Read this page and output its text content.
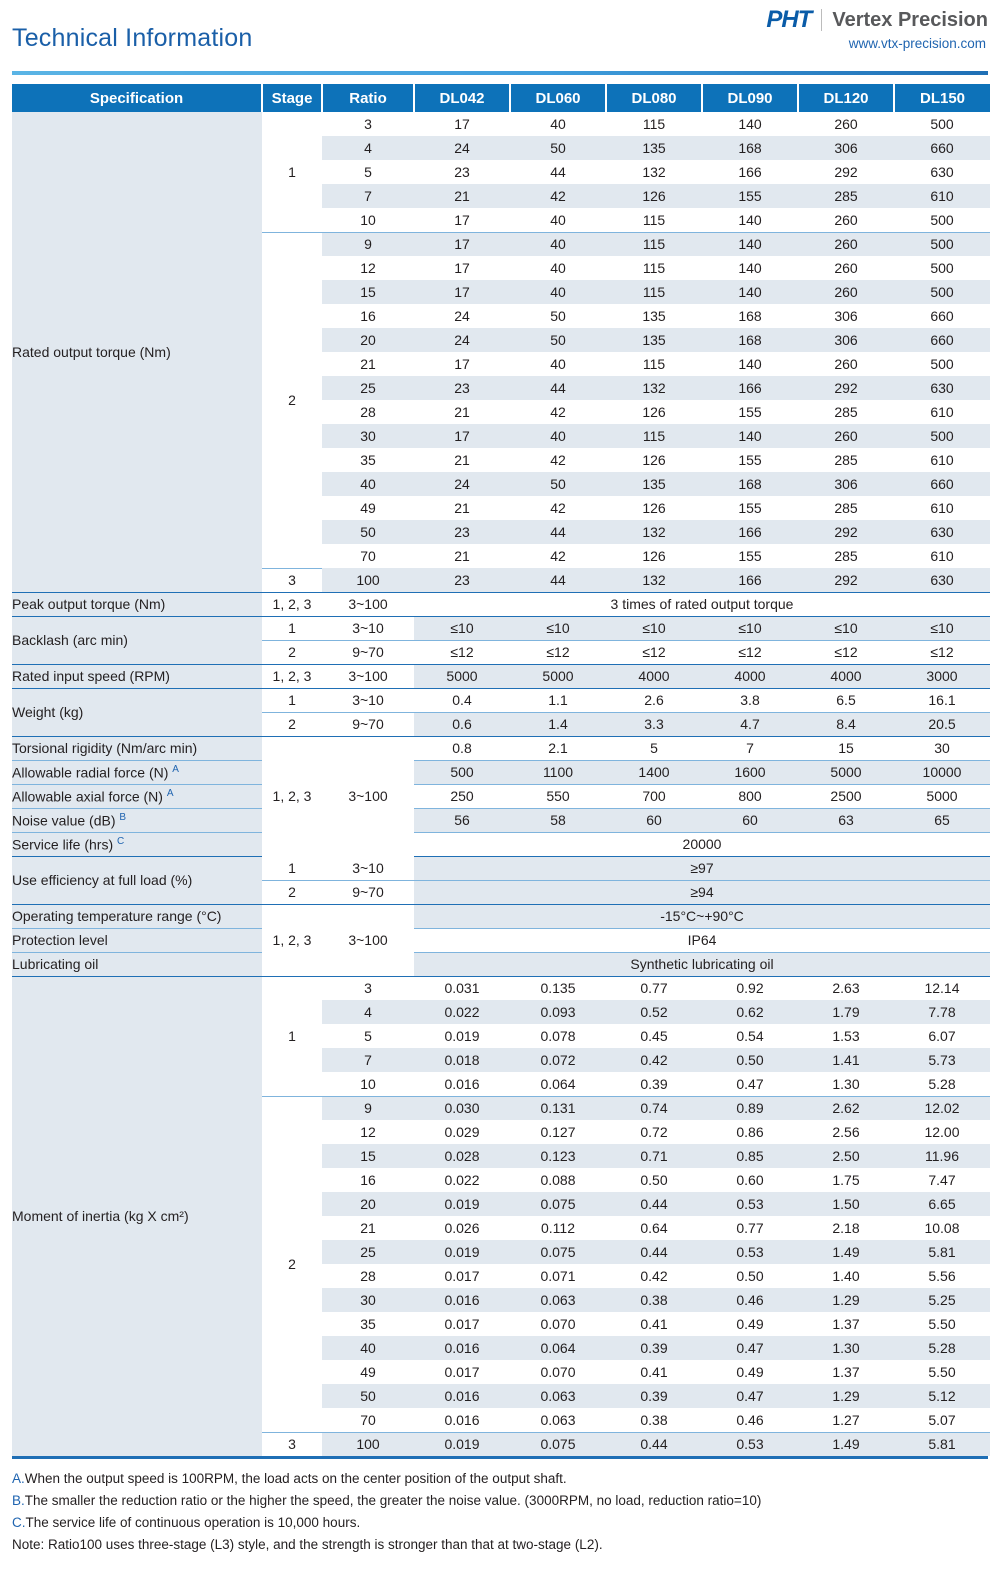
Technical Information
PHT Vertex Precision
www.vtx-precision.com
Specification	Stage	Ratio	DL042	DL060	DL080	DL090	DL120	DL150
Rated output torque (Nm)	1	3	17	40	115	140	260	500
		4	24	50	135	168	306	660
		5	23	44	132	166	292	630
		7	21	42	126	155	285	610
		10	17	40	115	140	260	500
	2	9	17	40	115	140	260	500
		12	17	40	115	140	260	500
		15	17	40	115	140	260	500
		16	24	50	135	168	306	660
		20	24	50	135	168	306	660
		21	17	40	115	140	260	500
		25	23	44	132	166	292	630
		28	21	42	126	155	285	610
		30	17	40	115	140	260	500
		35	21	42	126	155	285	610
		40	24	50	135	168	306	660
		49	21	42	126	155	285	610
		50	23	44	132	166	292	630
		70	21	42	126	155	285	610
	3	100	23	44	132	166	292	630
Peak output torque (Nm)	1, 2, 3	3~100	3 times of rated output torque					
Backlash (arc min)	1	3~10	≤10	≤10	≤10	≤10	≤10	≤10
	2	9~70	≤12	≤12	≤12	≤12	≤12	≤12
Rated input speed (RPM)	1, 2, 3	3~100	5000	5000	4000	4000	4000	3000
Weight (kg)	1	3~10	0.4	1.1	2.6	3.8	6.5	16.1
	2	9~70	0.6	1.4	3.3	4.7	8.4	20.5
Torsional rigidity (Nm/arc min)	1, 2, 3	3~100	0.8	2.1	5	7	15	30
Allowable radial force (N) $^A$			500	1100	1400	1600	5000	10000
Allowable axial force (N) $^A$			250	550	700	800	2500	5000
Noise value (dB) $^B$			56	58	60	60	63	65
Service life (hrs) $^C$			20000					
Use efficiency at full load (%)	1	3~10	≥97					
	2	9~70	≥94					
Operating temperature range (°C)	1, 2, 3	3~100	-15°C~+90°C					
Protection level			IP64					
Lubricating oil			Synthetic lubricating oil					
Moment of inertia (kg X cm²)	1	3	0.031	0.135	0.77	0.92	2.63	12.14
		4	0.022	0.093	0.52	0.62	1.79	7.78
		5	0.019	0.078	0.45	0.54	1.53	6.07
		7	0.018	0.072	0.42	0.50	1.41	5.73
		10	0.016	0.064	0.39	0.47	1.30	5.28
	2	9	0.030	0.131	0.74	0.89	2.62	12.02
		12	0.029	0.127	0.72	0.86	2.56	12.00
		15	0.028	0.123	0.71	0.85	2.50	11.96
		16	0.022	0.088	0.50	0.60	1.75	7.47
		20	0.019	0.075	0.44	0.53	1.50	6.65
		21	0.026	0.112	0.64	0.77	2.18	10.08
		25	0.019	0.075	0.44	0.53	1.49	5.81
		28	0.017	0.071	0.42	0.50	1.40	5.56
		30	0.016	0.063	0.38	0.46	1.29	5.25
		35	0.017	0.070	0.41	0.49	1.37	5.50
		40	0.016	0.064	0.39	0.47	1.30	5.28
		49	0.017	0.070	0.41	0.49	1.37	5.50
		50	0.016	0.063	0.39	0.47	1.29	5.12
		70	0.016	0.063	0.38	0.46	1.27	5.07
	3	100	0.019	0.075	0.44	0.53	1.49	5.81
A.When the output speed is 100RPM, the load acts on the center position of the output shaft.
B.The smaller the reduction ratio or the higher the speed, the greater the noise value. (3000RPM, no load, reduction ratio=10)
C.The service life of continuous operation is 10,000 hours.
Note: Ratio100 uses three-stage (L3) style, and the strength is stronger than that at two-stage (L2).
